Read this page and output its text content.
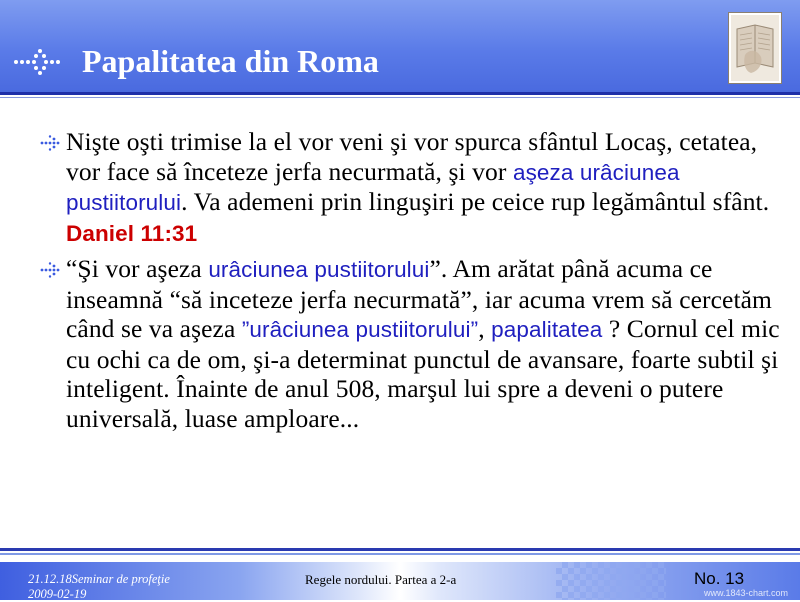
Papalitatea din Roma

Nişte oşti trimise la el vor veni şi vor spurca sfântul Locaş, cetatea, vor face să înceteze jerfa necurmată, şi vor aşeza urâciunea pustiitorului. Va ademeni prin linguşiri pe ceice rup legământul sfânt. Daniel 11:31

“Şi vor aşeza urâciunea pustiitorului”. Am arătat până acuma ce inseamnă “să inceteze jerfa necurmată”, iar acuma vrem să cercetăm când se va aşeza ”urâciunea pustiitorului”, papalitatea ? Cornul cel mic cu ochi ca de om, şi-a determinat punctul de avansare, foarte subtil şi inteligent. Înainte de anul 508, marşul lui spre a deveni o putere universală, luase amploare...

21.12.18Seminar de profeţie
2009-02-19
Regele nordului. Partea a 2-a	No. 13
www.1843-chart.com
